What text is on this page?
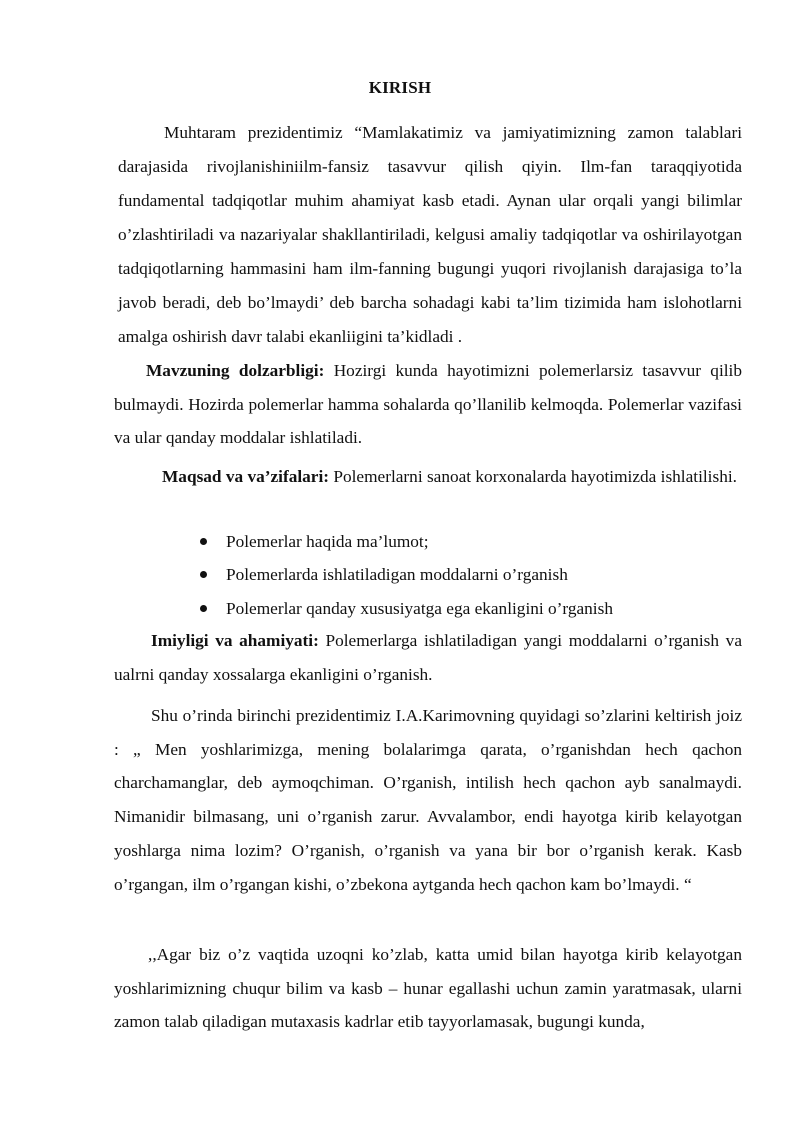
KIRISH

Muhtaram prezidentimiz “Mamlakatimiz va jamiyatimizning zamon talablari darajasida rivojlanishiniilm-fansiz tasavvur qilish qiyin. Ilm-fan taraqqiyotida fundamental tadqiqotlar muhim ahamiyat kasb etadi. Aynan ular orqali yangi bilimlar o’zlashtiriladi va nazariyalar shakllantiriladi, kelgusi amaliy tadqiqotlar va oshirilayotgan tadqiqotlarning hammasini ham ilm-fanning bugungi yuqori rivojlanish darajasiga to’la javob beradi, deb bo’lmaydi’ deb barcha sohadagi kabi ta’lim tizimida ham islohotlarni amalga oshirish davr talabi ekanliigini ta’kidladi .

Mavzuning dolzarbligi: Hozirgi kunda hayotimizni polemerlarsiz tasavvur qilib bulmaydi. Hozirda polemerlar hamma sohalarda qo’llanilib kelmoqda. Polemerlar vazifasi va ular qanday moddalar ishlatiladi.

Maqsad va va’zifalari: Polemerlarni sanoat korxonalarda hayotimizda ishlatilishi.

Polemerlar haqida ma’lumot;
Polemerlarda ishlatiladigan moddalarni o’rganish
Polemerlar qanday xususiyatga ega ekanligini o’rganish

Imiyligi va ahamiyati: Polemerlarga ishlatiladigan yangi moddalarni o’rganish va ualrni qanday xossalarga ekanligini o’rganish.

Shu o’rinda birinchi prezidentimiz I.A.Karimovning quyidagi so’zlarini keltirish joiz : „ Men yoshlarimizga, mening bolalarimga qarata, o’rganishdan hech qachon charchamanglar, deb aymoqchiman. O’rganish, intilish hech qachon ayb sanalmaydi. Nimanidir bilmasang, uni o’rganish zarur. Avvalambor, endi hayotga kirib kelayotgan yoshlarga nima lozim? O’rganish, o’rganish va yana bir bor o’rganish kerak. Kasb o’rgangan, ilm o’rgangan kishi, o’zbekona aytganda hech qachon kam bo’lmaydi. “

,,Agar biz o’z vaqtida uzoqni ko’zlab, katta umid bilan hayotga kirib kelayotgan yoshlarimizning chuqur bilim va kasb – hunar egallashi uchun zamin yaratmasak, ularni zamon talab qiladigan mutaxasis kadrlar etib tayyorlamasak, bugungi kunda,
